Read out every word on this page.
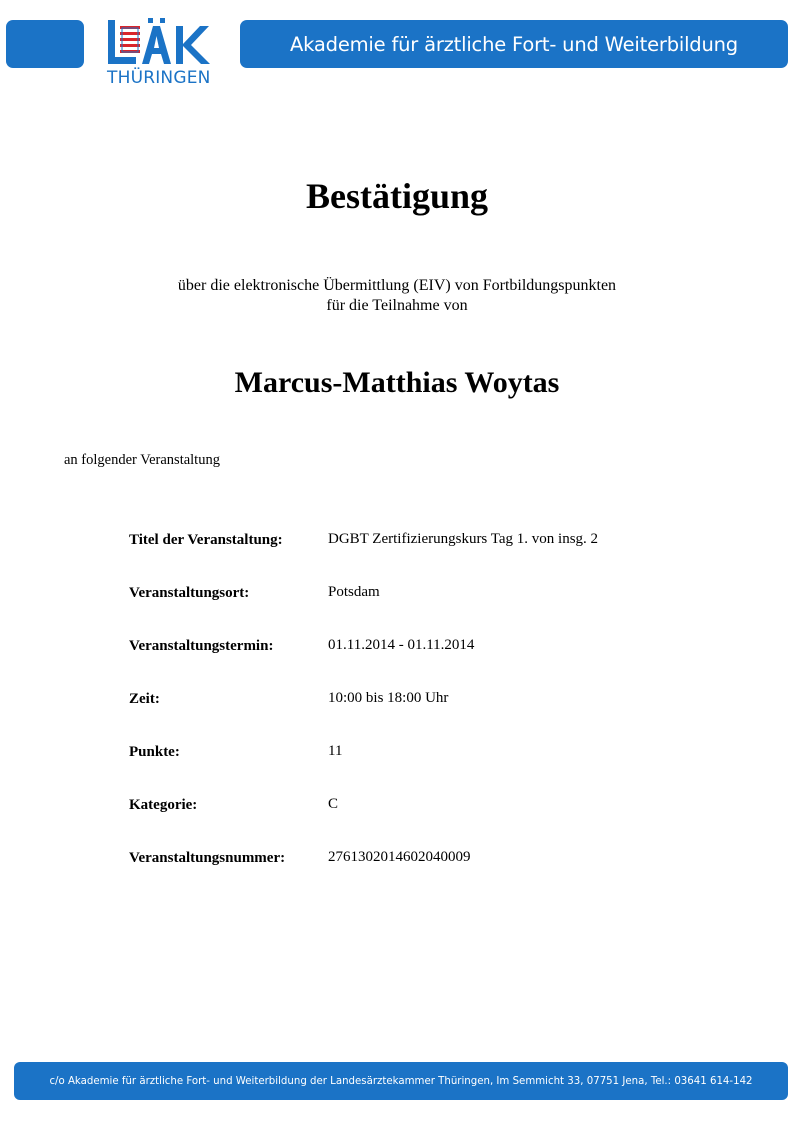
THÜRINGEN
Akademie für ärztliche Fort- und Weiterbildung
Bestätigung
über die elektronische Übermittlung (EIV) von Fortbildungspunkten
für die Teilnahme von
Marcus-Matthias Woytas
an folgender Veranstaltung
Titel der Veranstaltung:	DGBT Zertifizierungskurs Tag 1. von insg. 2
Veranstaltungsort:	Potsdam
Veranstaltungstermin:	01.11.2014 - 01.11.2014
Zeit:	10:00 bis 18:00 Uhr
Punkte:	11
Kategorie:	C
Veranstaltungsnummer:	2761302014602040009
c/o Akademie für ärztliche Fort- und Weiterbildung der Landesärztekammer Thüringen, Im Semmicht 33, 07751 Jena, Tel.: 03641 614-142
